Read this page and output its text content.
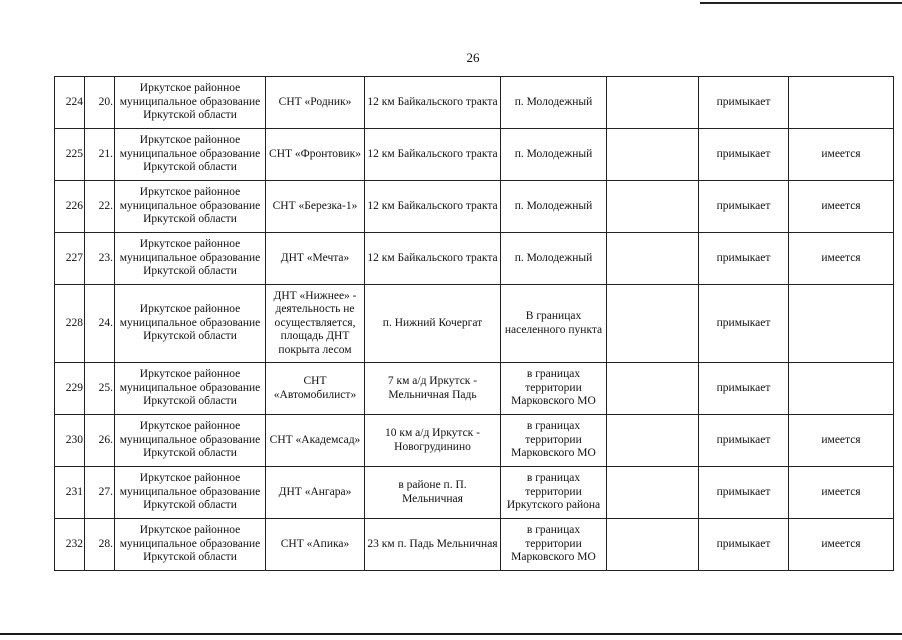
26
224	20.	Иркутское районное муниципальное образование Иркутской области	СНТ «Родник»	12 км Байкальского тракта	п. Молодежный		примыкает	
225	21.	Иркутское районное муниципальное образование Иркутской области	СНТ «Фронтовик»	12 км Байкальского тракта	п. Молодежный		примыкает	имеется
226	22.	Иркутское районное муниципальное образование Иркутской области	СНТ «Березка-1»	12 км Байкальского тракта	п. Молодежный		примыкает	имеется
227	23.	Иркутское районное муниципальное образование Иркутской области	ДНТ «Мечта»	12 км Байкальского тракта	п. Молодежный		примыкает	имеется
228	24.	Иркутское районное муниципальное образование Иркутской области	ДНТ «Нижнее» - деятельность не осуществляется, площадь ДНТ покрыта лесом	п. Нижний Кочергат	В границах населенного пункта		примыкает	
229	25.	Иркутское районное муниципальное образование Иркутской области	СНТ «Автомобилист»	7 км а/д Иркутск - Мельничная Падь	в границах территории Марковского МО		примыкает	
230	26.	Иркутское районное муниципальное образование Иркутской области	СНТ «Академсад»	10 км а/д Иркутск - Новогрудинино	в границах территории Марковского МО		примыкает	имеется
231	27.	Иркутское районное муниципальное образование Иркутской области	ДНТ «Ангара»	в районе п. П. Мельничная	в границах территории Иркутского района		примыкает	имеется
232	28.	Иркутское районное муниципальное образование Иркутской области	СНТ «Апика»	23 км п. Падь Мельничная	в границах территории Марковского МО		примыкает	имеется
